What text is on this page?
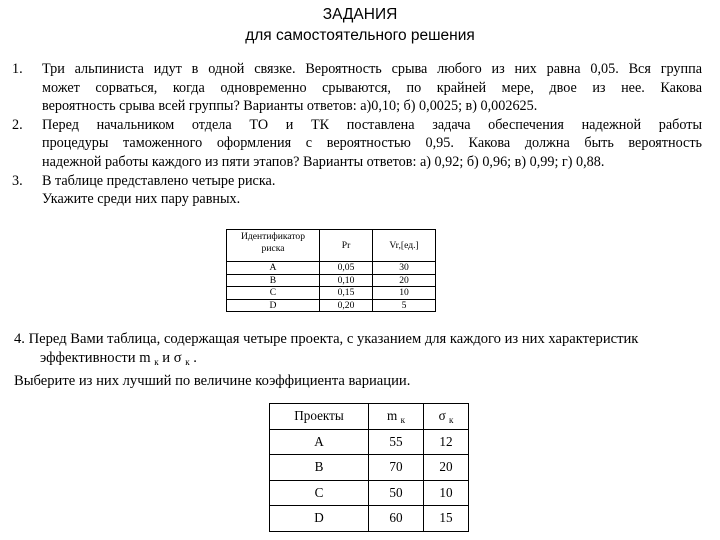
ЗАДАНИЯ
для самостоятельного решения
1.	Три альпиниста идут в одной связке. Вероятность срыва любого из них равна 0,05. Вся группа
может сорваться, когда одновременно срываются, по крайней мере, двое из нее. Какова
вероятность срыва всей группы? Варианты ответов: а)0,10; б) 0,0025; в) 0,002625.
2.	Перед начальником отдела ТО и ТК поставлена задача обеспечения надежной работы
процедуры таможенного оформления с вероятностью 0,95. Какова должна быть вероятность
надежной работы каждого из пяти этапов? Варианты ответов: а) 0,92; б) 0,96; в) 0,99; г) 0,88.
3.	В таблице представлено четыре риска.
Укажите среди них пару равных.
Идентификатор риска	Pr	Vr,[ед.]
A	0,05	30
B	0,10	20
C	0,15	10
D	0,20	5
4. Перед Вами таблица, содержащая четыре проекта, с указанием для каждого из них характеристик
эффективности m $_к$ и σ $_к$ .
Выберите из них лучший по величине коэффициента вариации.
Проекты	m $_к$	σ $_к$
A	55	12
B	70	20
C	50	10
D	60	15
